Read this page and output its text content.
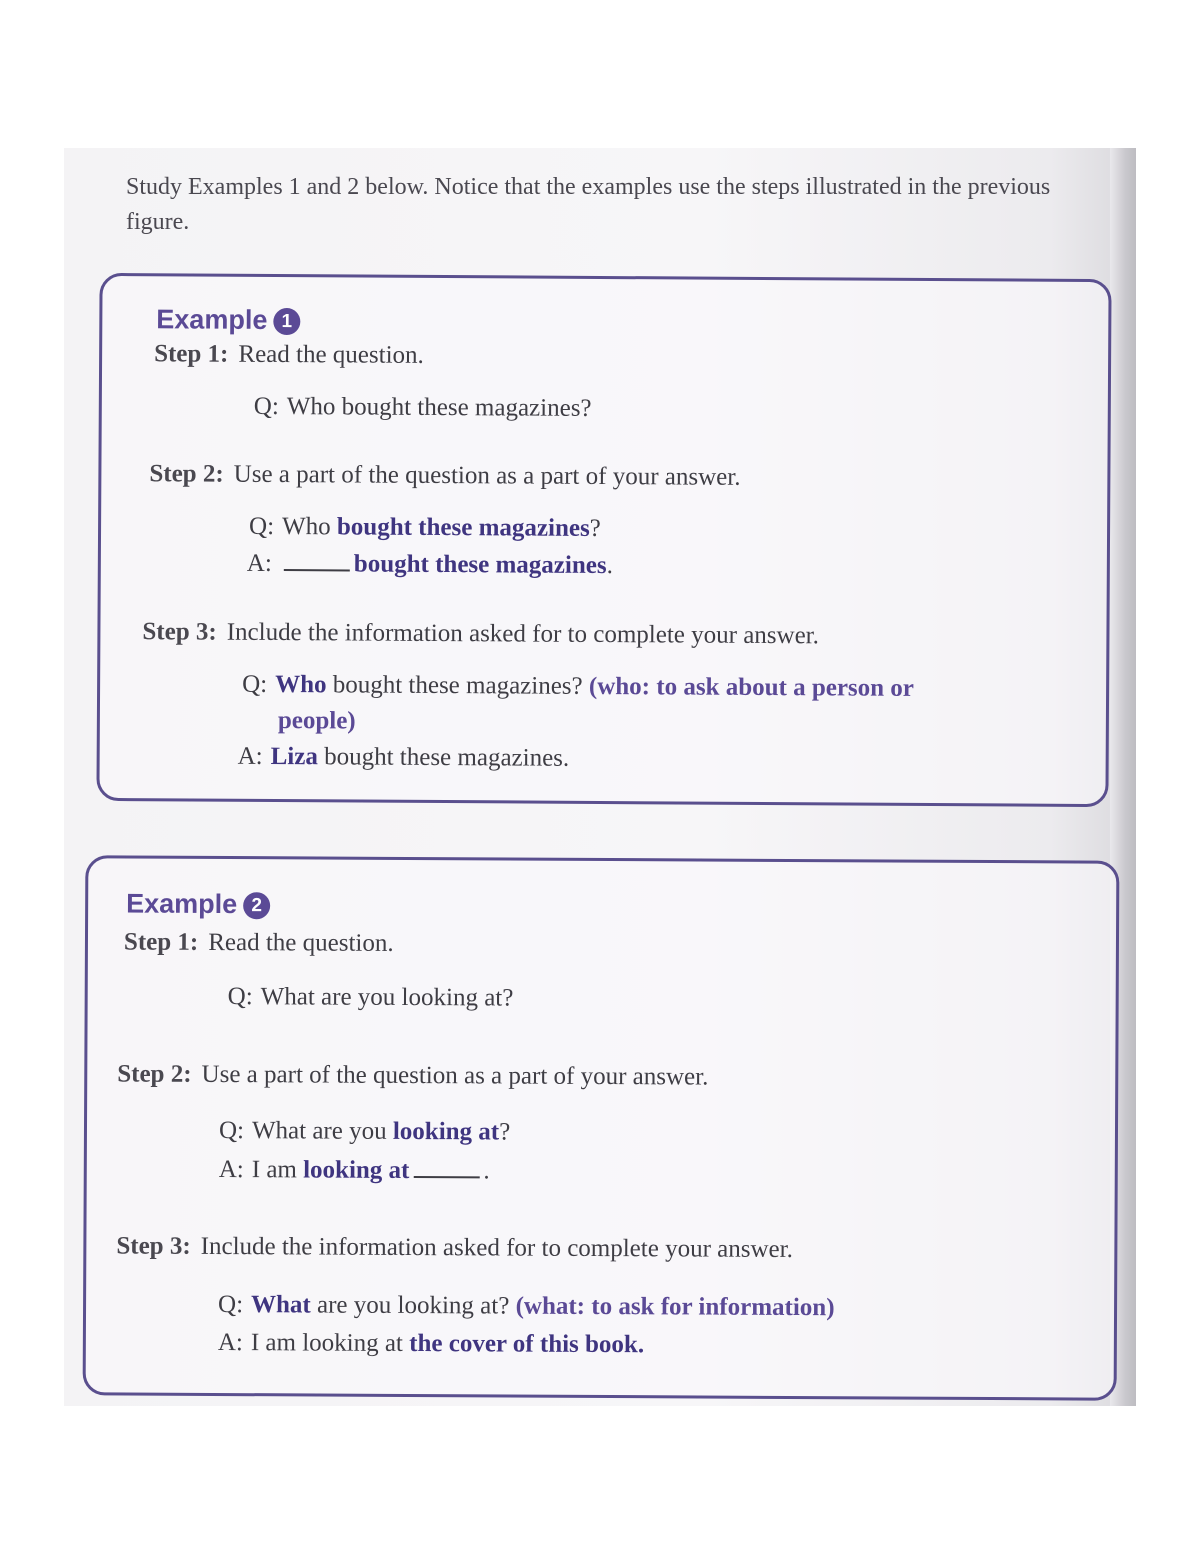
Study Examples 1 and 2 below. Notice that the examples use the steps illustrated in the previous figure.
Example 1
Step 1: Read the question.
Q: Who bought these magazines?
Step 2: Use a part of the question as a part of your answer.
Q: Who bought these magazines?
A:	bought these magazines.
Step 3: Include the information asked for to complete your answer.
Q: Who bought these magazines? (who: to ask about a person or
people)
A: Liza bought these magazines.
Example 2
Step 1: Read the question.
Q: What are you looking at?
Step 2: Use a part of the question as a part of your answer.
Q: What are you looking at?
A: I am looking at	.
Step 3: Include the information asked for to complete your answer.
Q: What are you looking at? (what: to ask for information)
A: I am looking at the cover of this book.
